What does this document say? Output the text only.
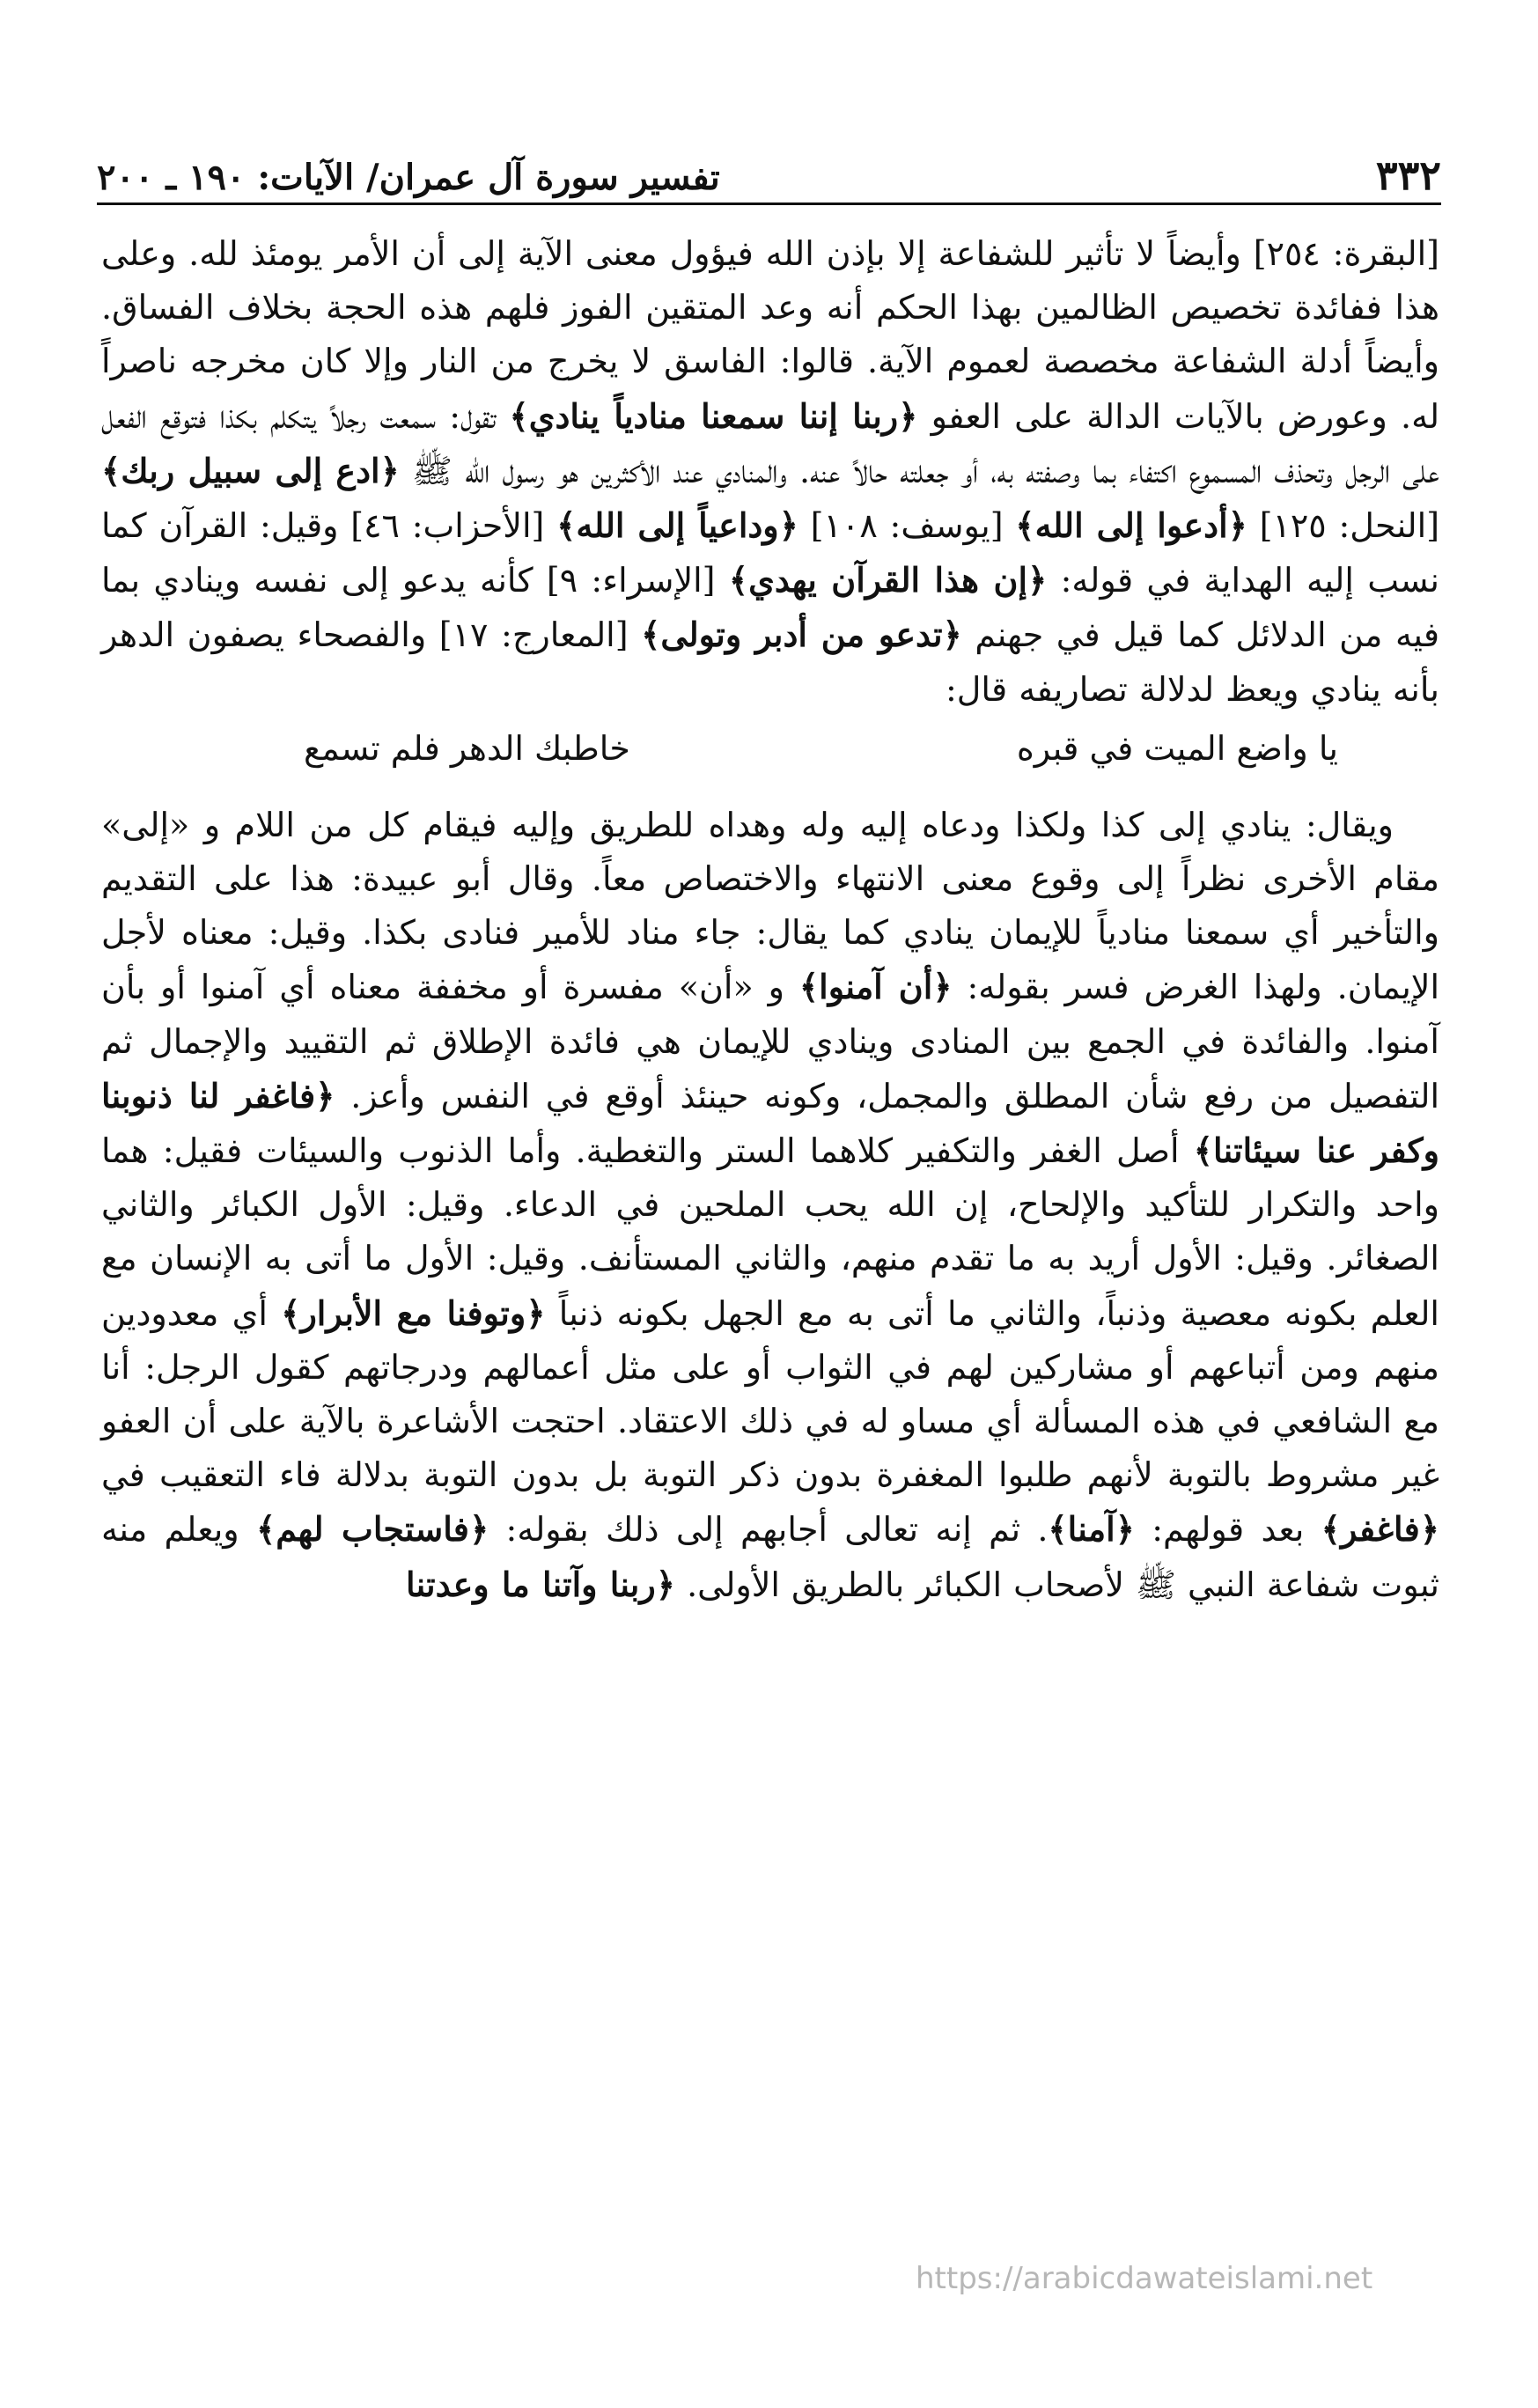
٣٣٢
تفسير سورة آل عمران/ الآيات: ١٩٠ ـ ٢٠٠

[البقرة: ٢٥٤] وأيضاً لا تأثير للشفاعة إلا بإذن الله فيؤول معنى الآية إلى أن الأمر يومئذ لله. وعلى هذا ففائدة تخصيص الظالمين بهذا الحكم أنه وعد المتقين الفوز فلهم هذه الحجة بخلاف الفساق. وأيضاً أدلة الشفاعة مخصصة لعموم الآية. قالوا: الفاسق لا يخرج من النار وإلا كان مخرجه ناصراً له. وعورض بالآيات الدالة على العفو ﴿ربنا إننا سمعنا منادياً ينادي﴾ تقول: سمعت رجلاً يتكلم بكذا فتوقع الفعل على الرجل وتحذف المسموع اكتفاء بما وصفته به، أو جعلته حالاً عنه. والمنادي عند الأكثرين هو رسول الله ﷺ ﴿ادع إلى سبيل ربك﴾ [النحل: ١٢٥] ﴿أدعوا إلى الله﴾ [يوسف: ١٠٨] ﴿وداعياً إلى الله﴾ [الأحزاب: ٤٦] وقيل: القرآن كما نسب إليه الهداية في قوله: ﴿إن هذا القرآن يهدي﴾ [الإسراء: ٩] كأنه يدعو إلى نفسه وينادي بما فيه من الدلائل كما قيل في جهنم ﴿تدعو من أدبر وتولى﴾ [المعارج: ١٧] والفصحاء يصفون الدهر بأنه ينادي ويعظ لدلالة تصاريفه قال:

يا واضع الميت في قبره
خاطبك الدهر فلم تسمع

ويقال: ينادي إلى كذا ولكذا ودعاه إليه وله وهداه للطريق وإليه فيقام كل من اللام و «إلى» مقام الأخرى نظراً إلى وقوع معنى الانتهاء والاختصاص معاً. وقال أبو عبيدة: هذا على التقديم والتأخير أي سمعنا منادياً للإيمان ينادي كما يقال: جاء مناد للأمير فنادى بكذا. وقيل: معناه لأجل الإيمان. ولهذا الغرض فسر بقوله: ﴿أن آمنوا﴾ و «أن» مفسرة أو مخففة معناه أي آمنوا أو بأن آمنوا. والفائدة في الجمع بين المنادى وينادي للإيمان هي فائدة الإطلاق ثم التقييد والإجمال ثم التفصيل من رفع شأن المطلق والمجمل، وكونه حينئذ أوقع في النفس وأعز. ﴿فاغفر لنا ذنوبنا وكفر عنا سيئاتنا﴾ أصل الغفر والتكفير كلاهما الستر والتغطية. وأما الذنوب والسيئات فقيل: هما واحد والتكرار للتأكيد والإلحاح، إن الله يحب الملحين في الدعاء. وقيل: الأول الكبائر والثاني الصغائر. وقيل: الأول أريد به ما تقدم منهم، والثاني المستأنف. وقيل: الأول ما أتى به الإنسان مع العلم بكونه معصية وذنباً، والثاني ما أتى به مع الجهل بكونه ذنباً ﴿وتوفنا مع الأبرار﴾ أي معدودين منهم ومن أتباعهم أو مشاركين لهم في الثواب أو على مثل أعمالهم ودرجاتهم كقول الرجل: أنا مع الشافعي في هذه المسألة أي مساو له في ذلك الاعتقاد. احتجت الأشاعرة بالآية على أن العفو غير مشروط بالتوبة لأنهم طلبوا المغفرة بدون ذكر التوبة بل بدون التوبة بدلالة فاء التعقيب في ﴿فاغفر﴾ بعد قولهم: ﴿آمنا﴾. ثم إنه تعالى أجابهم إلى ذلك بقوله: ﴿فاستجاب لهم﴾ ويعلم منه ثبوت شفاعة النبي ﷺ لأصحاب الكبائر بالطريق الأولى. ﴿ربنا وآتنا ما وعدتنا

https://arabicdawateislami.net
